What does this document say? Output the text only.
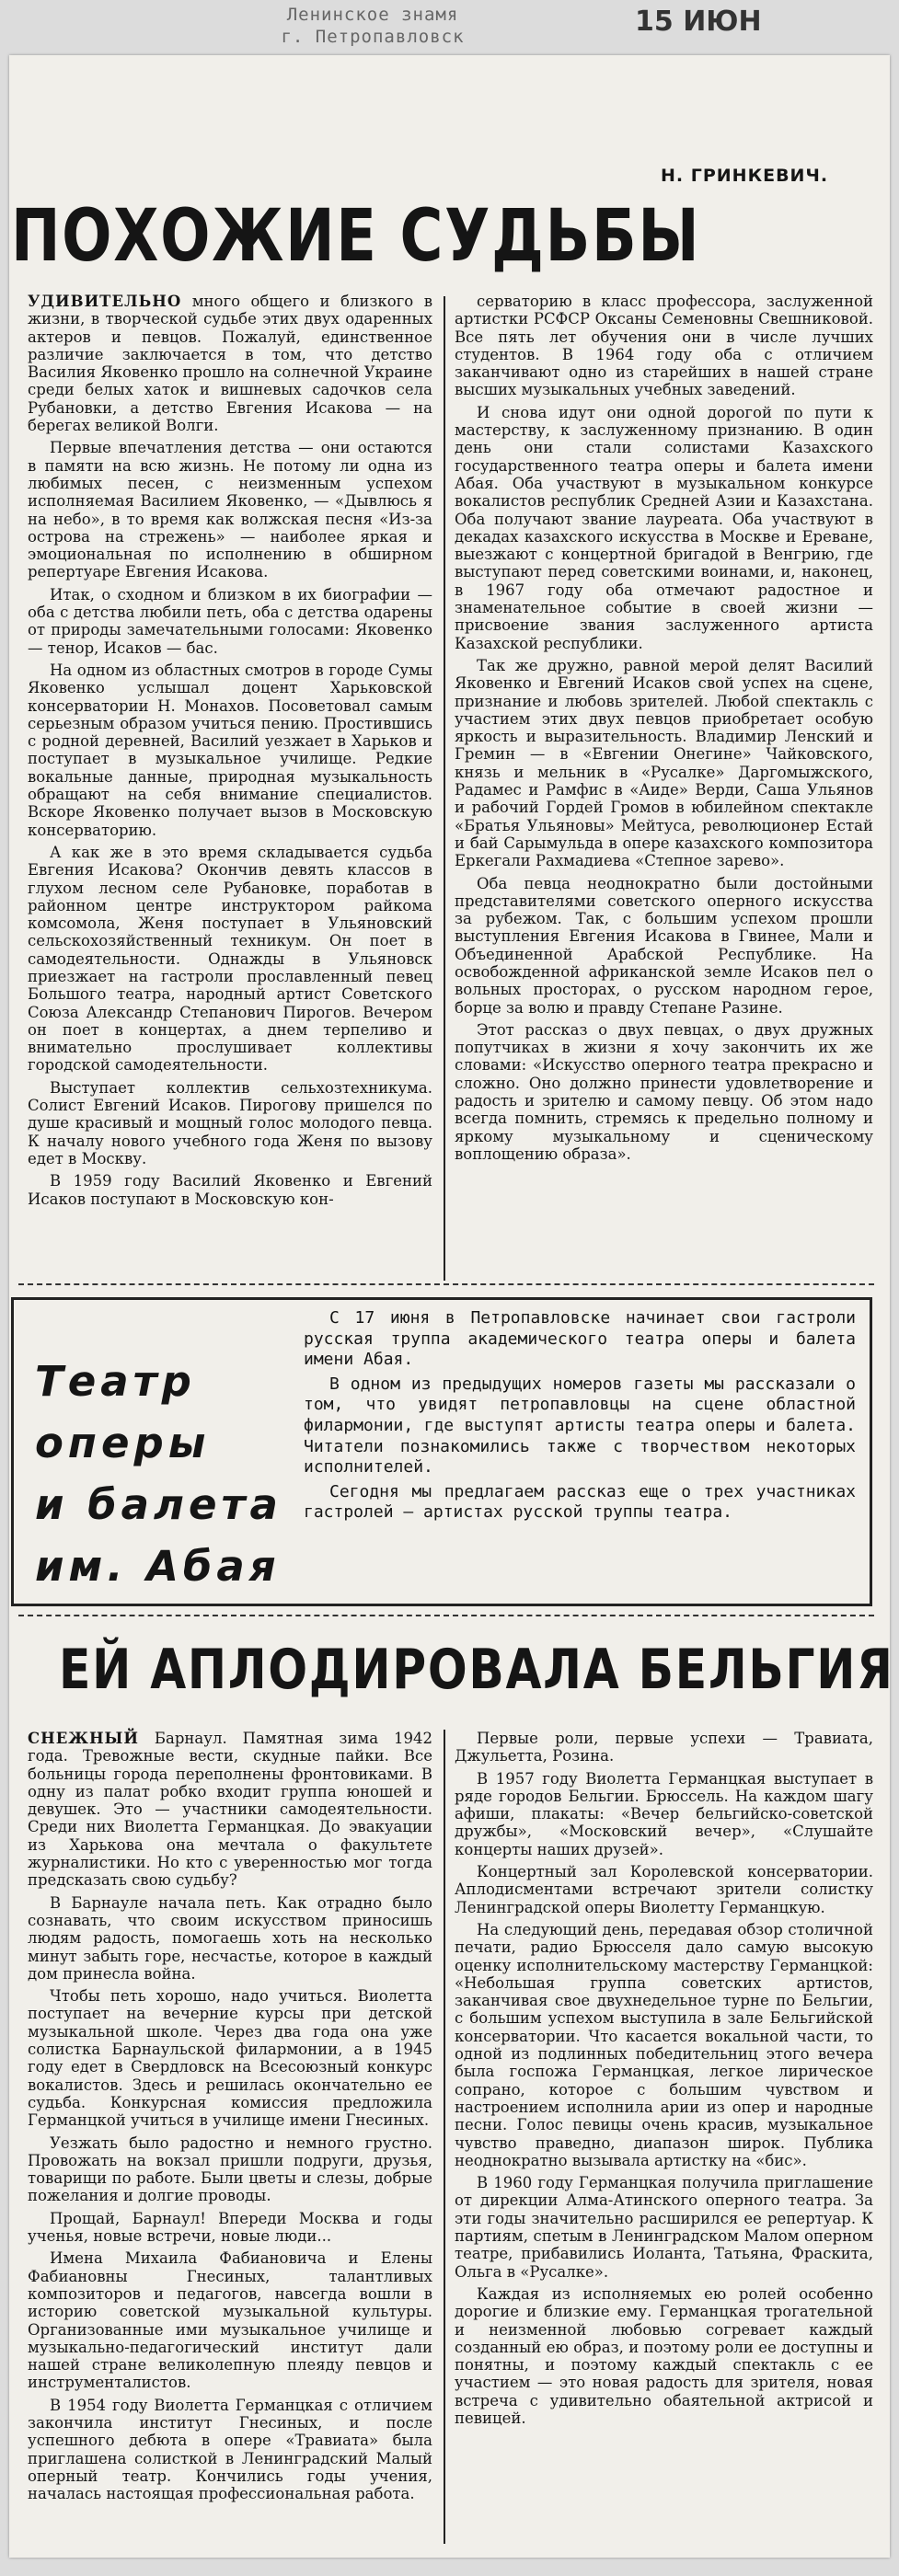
Ленинское знамя
г. Петропавловск	15 ИЮН
Н. ГРИНКЕВИЧ.
ПОХОЖИЕ СУДЬБЫ

УДИВИТЕЛЬНО много общего и близкого в жизни, в творческой судьбе этих двух одаренных актеров и певцов. Пожалуй, единственное различие заключается в том, что детство Василия Яковенко прошло на солнечной Украине среди белых хаток и вишневых садочков села Рубановки, а детство Евгения Исакова — на берегах великой Волги.

Первые впечатления детства — они остаются в памяти на всю жизнь. Не потому ли одна из любимых песен, с неизменным успехом исполняемая Василием Яковенко, — «Дывлюсь я на небо», в то время как волжская песня «Из-за острова на стрежень» — наиболее яркая и эмоциональная по исполнению в обширном репертуаре Евгения Исакова.

Итак, о сходном и близком в их биографии — оба с детства любили петь, оба с детства одарены от природы замечательными голосами: Яковенко — тенор, Исаков — бас.

На одном из областных смотров в городе Сумы Яковенко услышал доцент Харьковской консерватории Н. Монахов. Посоветовал самым серьезным образом учиться пению. Простившись с родной деревней, Василий уезжает в Харьков и поступает в музыкальное училище. Редкие вокальные данные, природная музыкальность обращают на себя внимание специалистов. Вскоре Яковенко получает вызов в Московскую консерваторию.

А как же в это время складывается судьба Евгения Исакова? Окончив девять классов в глухом лесном селе Рубановке, поработав в районном центре инструктором райкома комсомола, Женя поступает в Ульяновский сельскохозяйственный техникум. Он поет в самодеятельности. Однажды в Ульяновск приезжает на гастроли прославленный певец Большого театра, народный артист Советского Союза Александр Степанович Пирогов. Вечером он поет в концертах, а днем терпеливо и внимательно прослушивает коллективы городской самодеятельности.

Выступает коллектив сельхозтехникума. Солист Евгений Исаков. Пирогову пришелся по душе красивый и мощный голос молодого певца. К началу нового учебного года Женя по вызову едет в Москву.

В 1959 году Василий Яковенко и Евгений Исаков поступают в Московскую кон-

серваторию в класс профессора, заслуженной артистки РСФСР Оксаны Семеновны Свешниковой. Все пять лет обучения они в числе лучших студентов. В 1964 году оба с отличием заканчивают одно из старейших в нашей стране высших музыкальных учебных заведений.

И снова идут они одной дорогой по пути к мастерству, к заслуженному признанию. В один день они стали солистами Казахского государственного театра оперы и балета имени Абая. Оба участвуют в музыкальном конкурсе вокалистов республик Средней Азии и Казахстана. Оба получают звание лауреата. Оба участвуют в декадах казахского искусства в Москве и Ереване, выезжают с концертной бригадой в Венгрию, где выступают перед советскими воинами, и, наконец, в 1967 году оба отмечают радостное и знаменательное событие в своей жизни — присвоение звания заслуженного артиста Казахской республики.

Так же дружно, равной мерой делят Василий Яковенко и Евгений Исаков свой успех на сцене, признание и любовь зрителей. Любой спектакль с участием этих двух певцов приобретает особую яркость и выразительность. Владимир Ленский и Гремин — в «Евгении Онегине» Чайковского, князь и мельник в «Русалке» Даргомыжского, Радамес и Рамфис в «Аиде» Верди, Саша Ульянов и рабочий Гордей Громов в юбилейном спектакле «Братья Ульяновы» Мейтуса, революционер Естай и бай Сарымульда в опере казахского композитора Еркегали Рахмадиева «Степное зарево».

Оба певца неоднократно были достойными представителями советского оперного искусства за рубежом. Так, с большим успехом прошли выступления Евгения Исакова в Гвинее, Мали и Объединенной Арабской Республике. На освобожденной африканской земле Исаков пел о вольных просторах, о русском народном герое, борце за волю и правду Степане Разине.

Этот рассказ о двух певцах, о двух дружных попутчиках в жизни я хочу закончить их же словами: «Искусство оперного театра прекрасно и сложно. Оно должно принести удовлетворение и радость и зрителю и самому певцу. Об этом надо всегда помнить, стремясь к предельно полному и яркому музыкальному и сценическому воплощению образа».

Театр
оперы
и балета
им. Абая

С 17 июня в Петропавловске начинает свои гастроли русская труппа академического театра оперы и балета имени Абая.

В одном из предыдущих номеров газеты мы рассказали о том, что увидят петропавловцы на сцене областной филармонии, где выступят артисты театра оперы и балета. Читатели познакомились также с творчеством некоторых исполнителей.

Сегодня мы предлагаем рассказ еще о трех участниках гастролей — артистах русской труппы театра.

ЕЙ АПЛОДИРОВАЛА БЕЛЬГИЯ

СНЕЖНЫЙ Барнаул. Памятная зима 1942 года. Тревожные вести, скудные пайки. Все больницы города переполнены фронтовиками. В одну из палат робко входит группа юношей и девушек. Это — участники самодеятельности. Среди них Виолетта Германцкая. До эвакуации из Харькова она мечтала о факультете журналистики. Но кто с уверенностью мог тогда предсказать свою судьбу?

В Барнауле начала петь. Как отрадно было сознавать, что своим искусством приносишь людям радость, помогаешь хоть на несколько минут забыть горе, несчастье, которое в каждый дом принесла война.

Чтобы петь хорошо, надо учиться. Виолетта поступает на вечерние курсы при детской музыкальной школе. Через два года она уже солистка Барнаульской филармонии, а в 1945 году едет в Свердловск на Всесоюзный конкурс вокалистов. Здесь и решилась окончательно ее судьба. Конкурсная комиссия предложила Германцкой учиться в училище имени Гнесиных.

Уезжать было радостно и немного грустно. Провожать на вокзал пришли подруги, друзья, товарищи по работе. Были цветы и слезы, добрые пожелания и долгие проводы.

Прощай, Барнаул! Впереди Москва и годы ученья, новые встречи, новые люди...

Имена Михаила Фабиановича и Елены Фабиановны Гнесиных, талантливых композиторов и педагогов, навсегда вошли в историю советской музыкальной культуры. Организованные ими музыкальное училище и музыкально-педагогический институт дали нашей стране великолепную плеяду певцов и инструменталистов.

В 1954 году Виолетта Германцкая с отличием закончила институт Гнесиных, и после успешного дебюта в опере «Травиата» была приглашена солисткой в Ленинградский Малый оперный театр. Кончились годы учения, началась настоящая профессиональная работа.

Первые роли, первые успехи — Травиата, Джульетта, Розина.

В 1957 году Виолетта Германцкая выступает в ряде городов Бельгии. Брюссель. На каждом шагу афиши, плакаты: «Вечер бельгийско-советской дружбы», «Московский вечер», «Слушайте концерты наших друзей».

Концертный зал Королевской консерватории. Аплодисментами встречают зрители солистку Ленинградской оперы Виолетту Германцкую.

На следующий день, передавая обзор столичной печати, радио Брюсселя дало самую высокую оценку исполнительскому мастерству Германцкой: «Небольшая группа советских артистов, заканчивая свое двухнедельное турне по Бельгии, с большим успехом выступила в зале Бельгийской консерватории. Что касается вокальной части, то одной из подлинных победительниц этого вечера была госпожа Германцкая, легкое лирическое сопрано, которое с большим чувством и настроением исполнила арии из опер и народные песни. Голос певицы очень красив, музыкальное чувство праведно, диапазон широк. Публика неоднократно вызывала артистку на «бис».

В 1960 году Германцкая получила приглашение от дирекции Алма-Атинского оперного театра. За эти годы значительно расширился ее репертуар. К партиям, спетым в Ленинградском Малом оперном театре, прибавились Иоланта, Татьяна, Фраскита, Ольга в «Русалке».

Каждая из исполняемых ею ролей особенно дорогие и близкие ему. Германцкая трогательной и неизменной любовью согревает каждый созданный ею образ, и поэтому роли ее доступны и понятны, и поэтому каждый спектакль с ее участием — это новая радость для зрителя, новая встреча с удивительно обаятельной актрисой и певицей.
